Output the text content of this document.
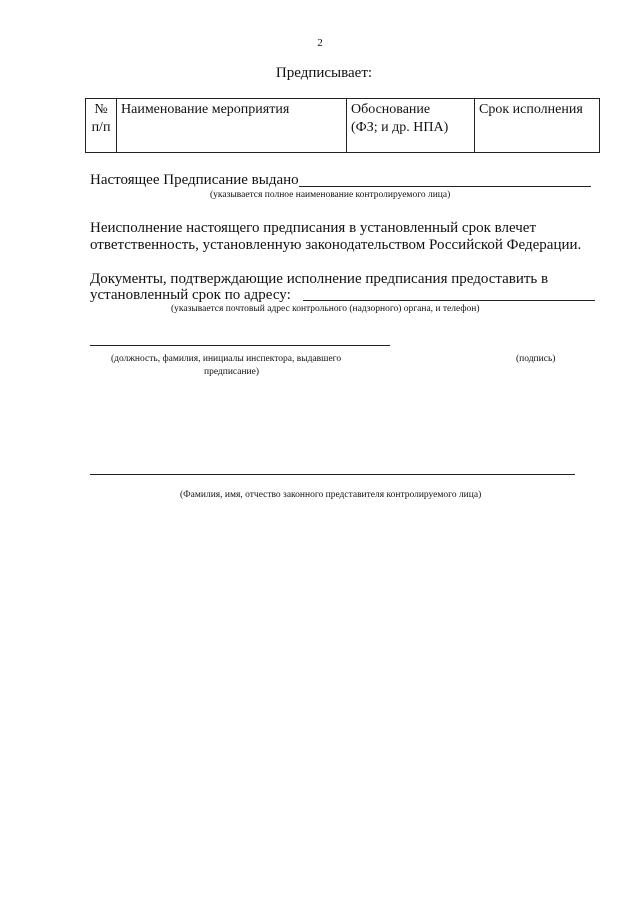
2
Предписывает:
№
п/п
Наименование мероприятия	Обоснование
(ФЗ; и др. НПА)
Срок исполнения
Настоящее Предписание выдано
(указывается полное наименование контролируемого лица)
Неисполнение настоящего предписания в установленный срок влечет
ответственность, установленную законодательством Российской Федерации.
Документы, подтверждающие исполнение предписания предоставить в
установленный срок по адресу:
(указывается почтовый адрес контрольного (надзорного) органа, и телефон)
(должность, фамилия, инициалы инспектора, выдавшего
предписание)
(подпись)
(Фамилия, имя, отчество законного представителя контролируемого лица)
